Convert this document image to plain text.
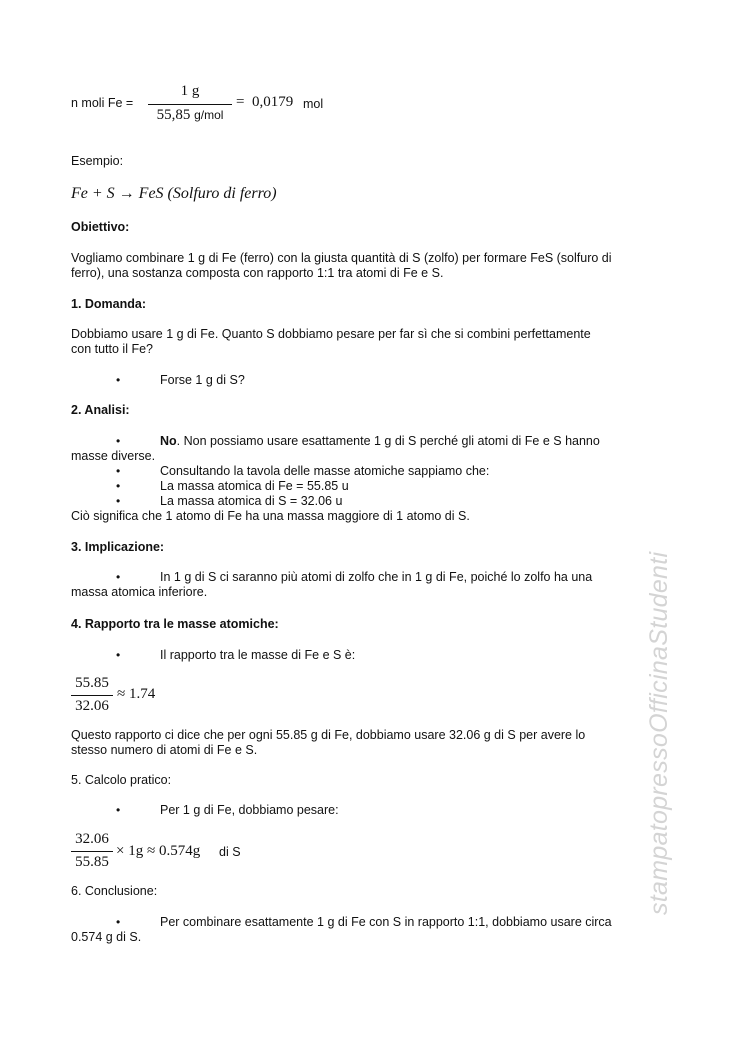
n moli Fe =
1 g
55,85 g/mol
= 0,0179 mol
Esempio:
Fe + S → FeS (Solfuro di ferro)
Obiettivo:
Vogliamo combinare 1 g di Fe (ferro) con la giusta quantità di S (zolfo) per formare FeS (solfuro di
ferro), una sostanza composta con rapporto 1:1 tra atomi di Fe e S.
1. Domanda:
Dobbiamo usare 1 g di Fe. Quanto S dobbiamo pesare per far sì che si combini perfettamente
con tutto il Fe?
•	Forse 1 g di S?
2. Analisi:
•	No. Non possiamo usare esattamente 1 g di S perché gli atomi di Fe e S hanno
masse diverse.
•	Consultando la tavola delle masse atomiche sappiamo che:
•	La massa atomica di Fe = 55.85 u
•	La massa atomica di S = 32.06 u
Ciò significa che 1 atomo di Fe ha una massa maggiore di 1 atomo di S.
3. Implicazione:
•	In 1 g di S ci saranno più atomi di zolfo che in 1 g di Fe, poiché lo zolfo ha una
massa atomica inferiore.
4. Rapporto tra le masse atomiche:
•	Il rapporto tra le masse di Fe e S è:
55.85
32.06
≈ 1.74
Questo rapporto ci dice che per ogni 55.85 g di Fe, dobbiamo usare 32.06 g di S per avere lo
stesso numero di atomi di Fe e S.
5. Calcolo pratico:
•	Per 1 g di Fe, dobbiamo pesare:
32.06
55.85
× 1g ≈ 0.574g di S
6. Conclusione:
•	Per combinare esattamente 1 g di Fe con S in rapporto 1:1, dobbiamo usare circa
0.574 g di S.
stampatopressoOfficinaStudenti
